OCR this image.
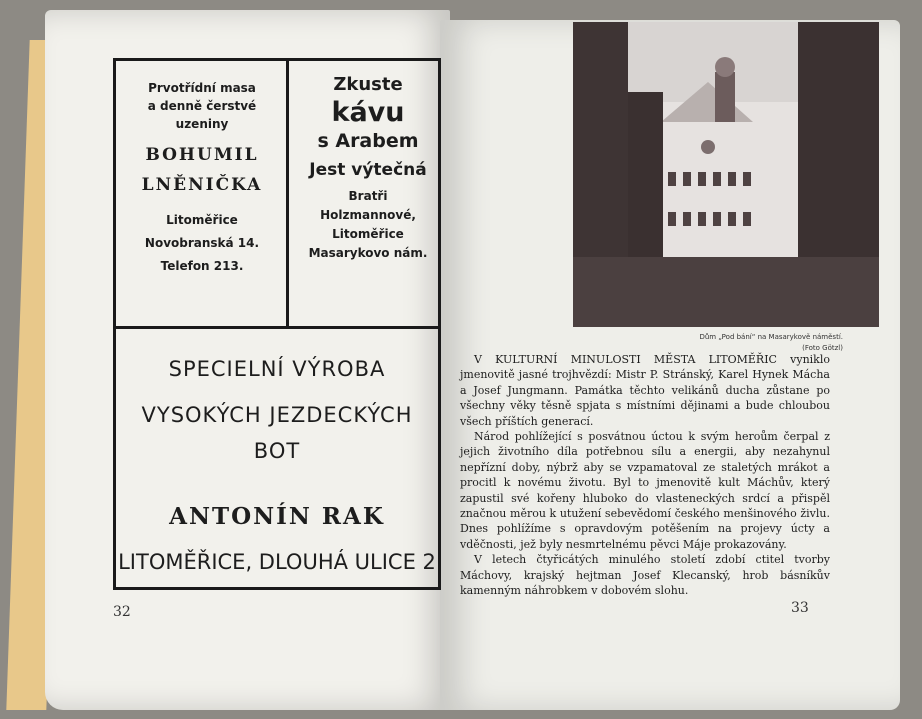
Prvotřídní masa
a denně čerstvé
uzeniny
BOHUMIL
LNĚNIČKA
Litoměřice
Novobranská 14.
Telefon 213.
Zkuste
kávu
s Arabem
Jest výtečná
Bratři
Holzmannové,
Litoměřice
Masarykovo nám.
SPECIELNÍ VÝROBA
VYSOKÝCH JEZDECKÝCH BOT
ANTONÍN RAK
LITOMĚŘICE, DLOUHÁ ULICE 2
32
Dům „Pod bání“ na Masarykově náměstí.
(Foto Götzl)

V KULTURNÍ MINULOSTI MĚSTA LITOMĚŘIC vyniklo jmenovitě jasné trojhvězdí: Mistr P. Stránský, Karel Hynek Mácha a Josef Jungmann. Památka těchto velikánů ducha zůstane po všechny věky těsně spjata s místními dějinami a bude chloubou všech příštích generací.

Národ pohlížející s posvátnou úctou k svým heroům čerpal z jejich životního díla potřebnou sílu a energii, aby nezahynul nepřízní doby, nýbrž aby se vzpamatoval ze staletých mrákot a procitl k novému životu. Byl to jmenovitě kult Máchův, který zapustil své kořeny hluboko do vlasteneckých srdcí a přispěl značnou měrou k utužení sebevědomí českého menšinového živlu. Dnes pohlížíme s opravdovým potěšením na projevy úcty a vděčnosti, jež byly nesmrtelnému pěvci Máje prokazovány.

V letech čtyřicátých minulého století zdobí ctitel tvorby Máchovy, krajský hejtman Josef Klecanský, hrob básníkův kamenným náhrobkem v dobovém slohu.

33
